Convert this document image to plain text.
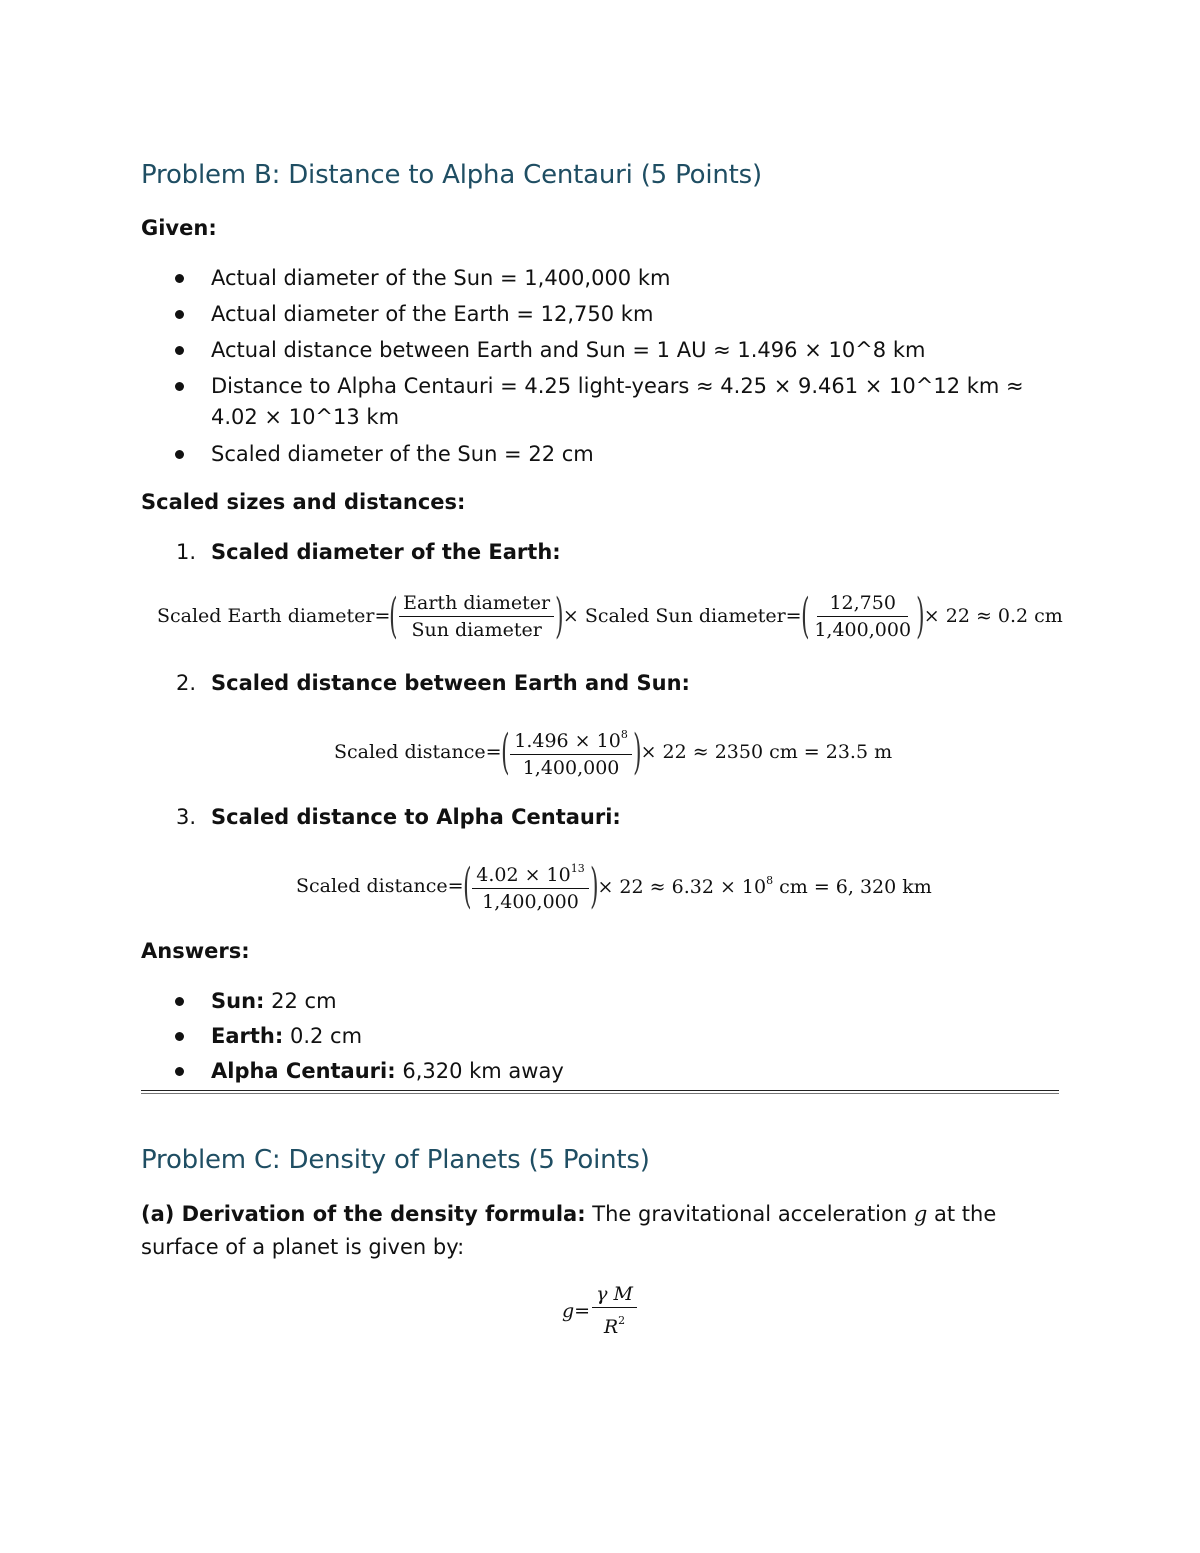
Problem B: Distance to Alpha Centauri (5 Points)
Given:
Actual diameter of the Sun = 1,400,000 km
Actual diameter of the Earth = 12,750 km
Actual distance between Earth and Sun = 1 AU ≈ 1.496 × 10^8 km
Distance to Alpha Centauri = 4.25 light-years ≈ 4.25 × 9.461 × 10^12 km ≈
4.02 × 10^13 km
Scaled diameter of the Sun = 22 cm
Scaled sizes and distances:
1. Scaled diameter of the Earth:
Scaled Earth diameter = ( $\frac{\text{Earth diameter}}{\text{Sun diameter}}$ ) × Scaled Sun diameter = ( $\frac{12,750}{1,400,000}$ ) × 22 ≈ 0.2 cm
2. Scaled distance between Earth and Sun:
Scaled distance = ( $\frac{1.496 \times 10^8}{1,400,000}$ ) × 22 ≈ 2350 cm = 23.5 m
3. Scaled distance to Alpha Centauri:
Scaled distance = ( $\frac{4.02 \times 10^{13}}{1,400,000}$ ) × $22 \approx 6.32 \times 10^8$ cm = 6, 320 km
Answers:
Sun: 22 cm
Earth: 0.2 cm
Alpha Centauri: 6,320 km away
Problem C: Density of Planets (5 Points)
(a) Derivation of the density formula: The gravitational acceleration g at the
surface of a planet is given by:
$g = \frac{\text{γ M}}{R^2}$
